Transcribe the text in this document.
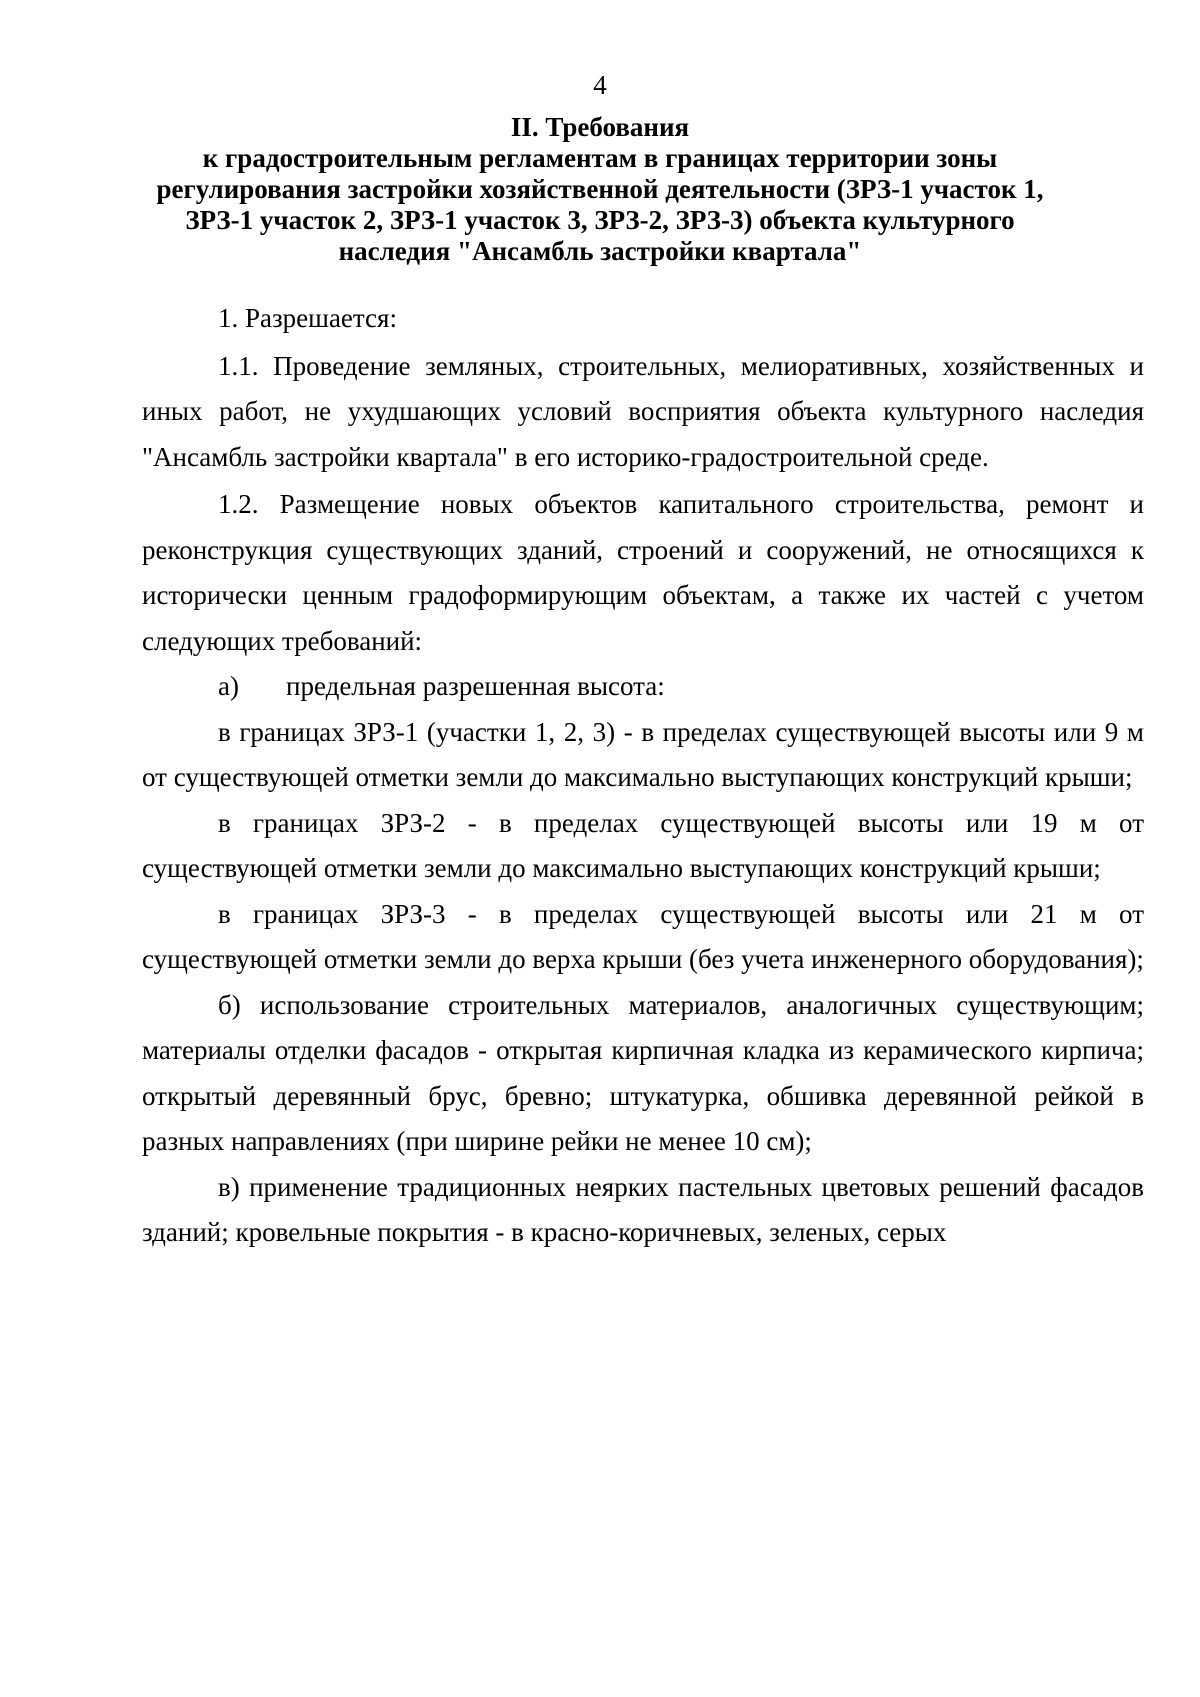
4
II. Требования
к градостроительным регламентам в границах территории зоны
регулирования застройки хозяйственной деятельности (ЗРЗ-1 участок 1,
ЗРЗ-1 участок 2, ЗРЗ-1 участок 3, ЗРЗ-2, ЗРЗ-3) объекта культурного
наследия "Ансамбль застройки квартала"

1. Разрешается:

1.1. Проведение земляных, строительных, мелиоративных, хозяйственных и иных работ, не ухудшающих условий восприятия объекта культурного наследия "Ансамбль застройки квартала" в его историко-градостроительной среде.

1.2. Размещение новых объектов капитального строительства, ремонт и реконструкция существующих зданий, строений и сооружений, не относящихся к исторически ценным градоформирующим объектам, а также их частей с учетом следующих требований:

а) предельная разрешенная высота:

в границах ЗРЗ-1 (участки 1, 2, 3) - в пределах существующей высоты или 9 м от существующей отметки земли до максимально выступающих конструкций крыши;

в границах ЗРЗ-2 - в пределах существующей высоты или 19 м от существующей отметки земли до максимально выступающих конструкций крыши;

в границах ЗРЗ-3 - в пределах существующей высоты или 21 м от существующей отметки земли до верха крыши (без учета инженерного оборудования);

б) использование строительных материалов, аналогичных существующим; материалы отделки фасадов - открытая кирпичная кладка из керамического кирпича; открытый деревянный брус, бревно; штукатурка, обшивка деревянной рейкой в разных направлениях (при ширине рейки не менее 10 см);

в) применение традиционных неярких пастельных цветовых решений фасадов зданий; кровельные покрытия - в красно-коричневых, зеленых, серых
